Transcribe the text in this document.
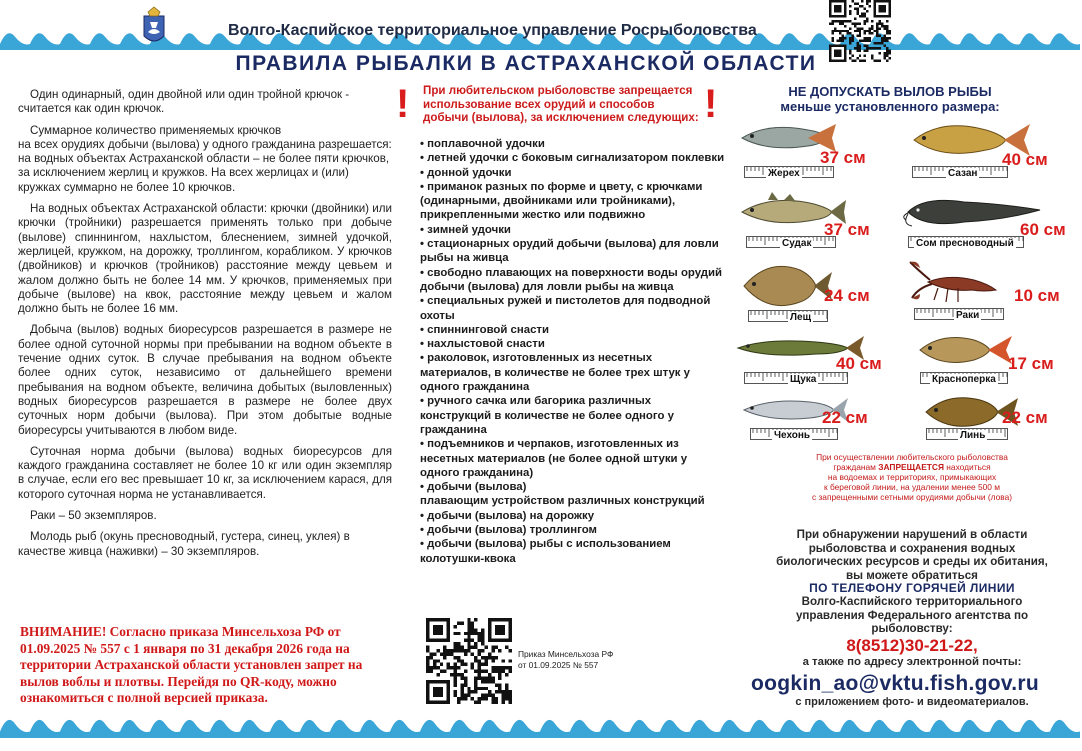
Волго-Каспийское территориальное управление Росрыболовства
ПРАВИЛА РЫБАЛКИ В АСТРАХАНСКОЙ ОБЛАСТИ

Один одинарный, один двойной или один тройной крючок - считается как один крючок.

Суммарное количество применяемых крючков
на всех орудиях добычи (вылова) у одного гражданина разрешается:
на водных объектах Астраханской области – не более пяти крючков, за исключением жерлиц и кружков. На всех жерлицах и (или) кружках суммарно не более 10 крючков.

На водных объектах Астраханской области: крючки (двойники) или крючки (тройники) разрешается применять только при добыче (вылове) спиннингом, нахлыстом, блеснением, зимней удочкой, жерлицей, кружком, на дорожку, троллингом, корабликом. У крючков (двойников) и крючков (тройников) расстояние между цевьем и жалом должно быть не более 14 мм. У крючков, применяемых при добыче (вылове) на квок, расстояние между цевьем и жалом должно быть не более 16 мм.

Добыча (вылов) водных биоресурсов разрешается в размере не более одной суточной нормы при пребывании на водном объекте в течение одних суток. В случае пребывания на водном объекте более одних суток, независимо от дальнейшего времени пребывания на водном объекте, величина добытых (выловленных) водных биоресурсов разрешается в размере не более двух суточных норм добычи (вылова). При этом добытые водные биоресурсы учитываются в любом виде.

Суточная норма добычи (вылова) водных биоресурсов для каждого гражданина составляет не более 10 кг или один экземпляр в случае, если его вес превышает 10 кг, за исключением карася, для которого суточная норма не устанавливается.

Раки – 50 экземпляров.

Молодь рыб (окунь пресноводный, густера, синец, уклея) в качестве живца (наживки) – 30 экземпляров.

ВНИМАНИЕ! Согласно приказа Минсельхоза РФ от 01.09.2025 № 557 с 1 января по 31 декабря 2026 года на территории Астраханской области установлен запрет на вылов воблы и плотвы. Перейдя по QR-коду, можно ознакомиться с полной версией приказа.
!	!
При любительском рыболовстве запрещается использование всех орудий и способов добычи (вылова), за исключением следующих:
• поплавочной удочки
• летней удочки с боковым сигнализатором поклевки
• донной удочки
• приманок разных по форме и цвету, с крючками (одинарными, двойниками или тройниками), прикрепленными жестко или подвижно
• зимней удочки
• стационарных орудий добычи (вылова) для ловли рыбы на живца
• свободно плавающих на поверхности воды орудий добычи (вылова) для ловли рыбы на живца
• специальных ружей и пистолетов для подводной охоты
• спиннинговой снасти
• нахлыстовой снасти
• раколовок, изготовленных из несетных материалов, в количестве не более трех штук у одного гражданина
• ручного сачка или багорика различных конструкций в количестве не более одного у гражданина
• подъемников и черпаков, изготовленных из несетных материалов (не более одной штуки у одного гражданина)
• добычи (вылова)
плавающим устройством различных конструкций
• добычи (вылова) на дорожку
• добычи (вылова) троллингом
• добычи (вылова) рыбы с использованием колотушки-квока
Приказ Минсельхоза РФ
от 01.09.2025 № 557
НЕ ДОПУСКАТЬ ВЫЛОВ РЫБЫ
меньше установленного размера:
Жерех
37 см
Сазан
40 см
Судак
37 см
Сом пресноводный
60 см
Лещ
24 см
Раки
10 см
Щука
40 см
Красноперка
17 см
Чехонь
22 см
Линь
22 см
При осуществлении любительского рыболовства
гражданам ЗАПРЕЩАЕТСЯ находиться
на водоемах и территориях, примыкающих
к береговой линии, на удалении менее 500 м
с запрещенными сетными орудиями добычи (лова)
При обнаружении нарушений в области рыболовства и сохранения водных биологических ресурсов и среды их обитания, вы можете обратиться
ПО ТЕЛЕФОНУ ГОРЯЧЕЙ ЛИНИИ
Волго-Каспийского территориального управления Федерального агентства по рыболовству:
8(8512)30-21-22,
а также по адресу электронной почты:
oogkin_ao@vktu.fish.gov.ru
с приложением фото- и видеоматериалов.
